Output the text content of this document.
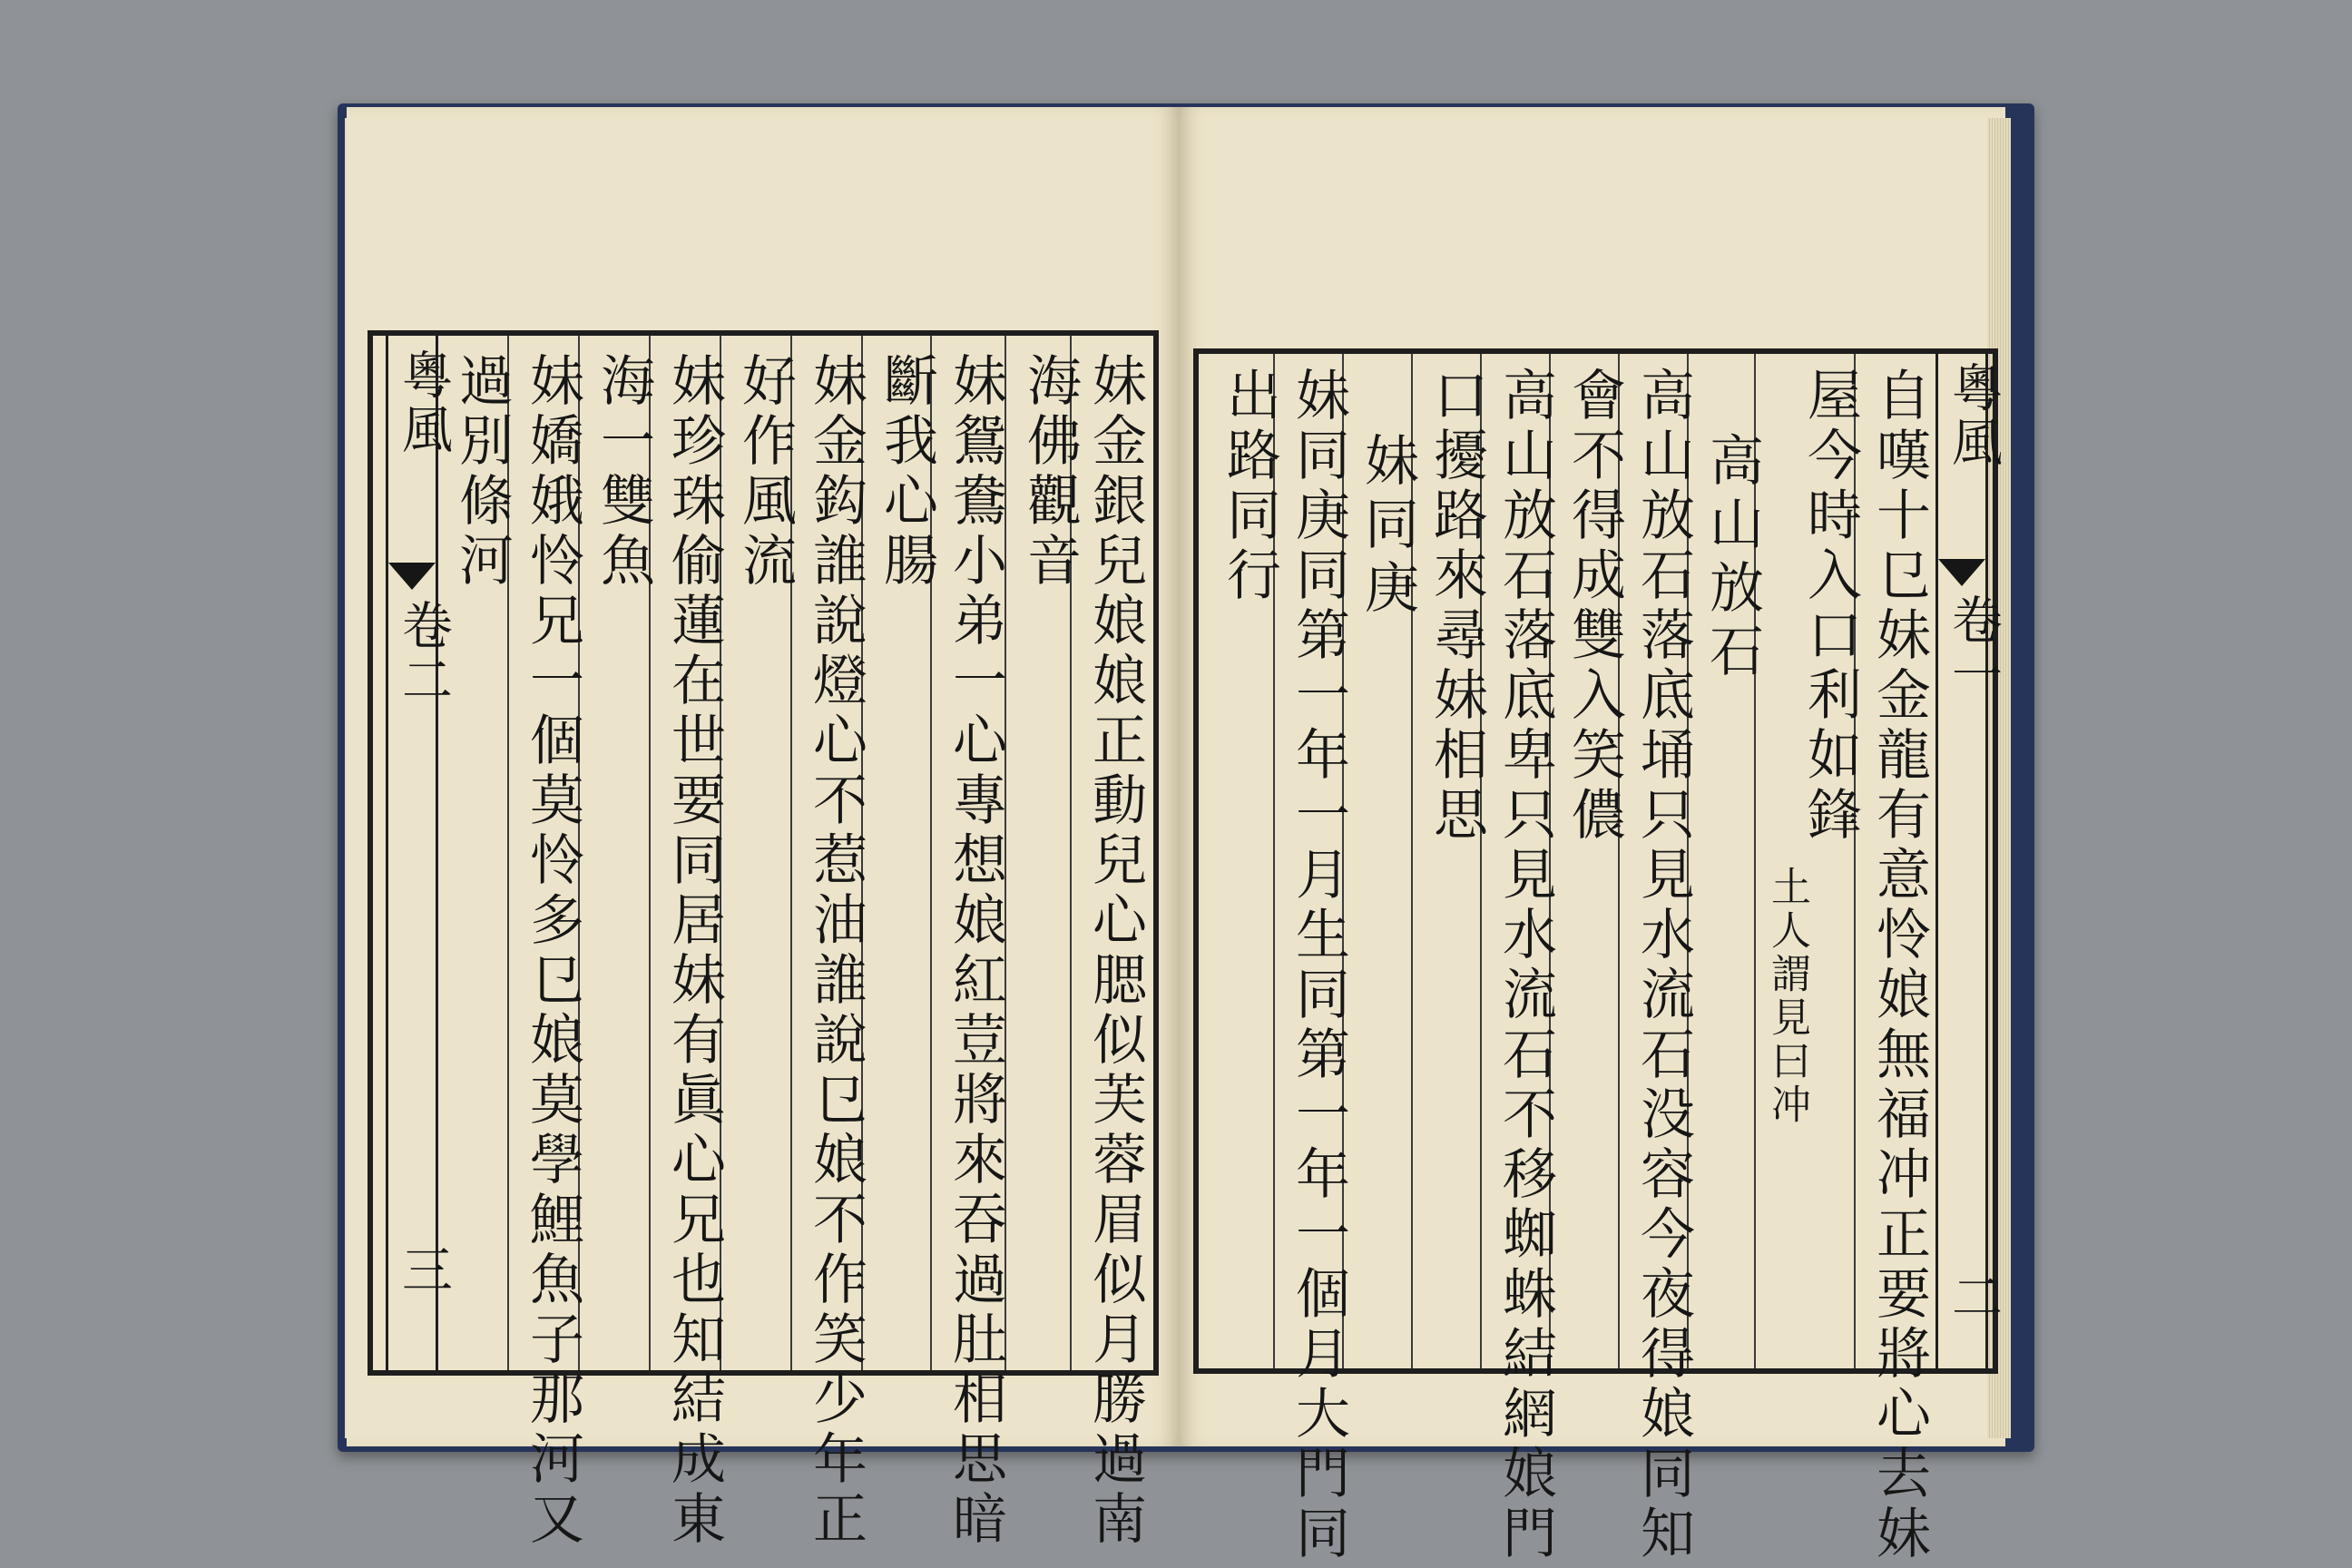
妹金銀兒娘娘正動兒心腮似芙蓉眉似月勝過南
海佛觀音
妹鴛鴦小弟一心專想娘紅荳將來吞過肚相思暗
斷我心腸
妹金鈎誰說燈心不惹油誰說㔾娘不作笑少年正
好作風流
妹珍珠偷蓮在世要同居妹有眞心兄也知結成東
海一雙魚
妹嬌娥怜兄一個莫怜多㔾娘莫學鯉魚子那河又
過別條河
粵風
卷二
三
粵風
卷一
二
自嘆十㔾妹金龍有意怜娘無福冲正要將心去妹
屋今時入口利如鋒
土人謂見曰冲
高山放石
高山放石落底埇只見水流石没容今夜得娘同知
會不得成雙入笑儂
高山放石落底卑只見水流石不移蜘蛛結網娘門
口擾路來尋妹相思
妹同庚
妹同庚同第一年一月生同第一年一個月大門同
出路同行
